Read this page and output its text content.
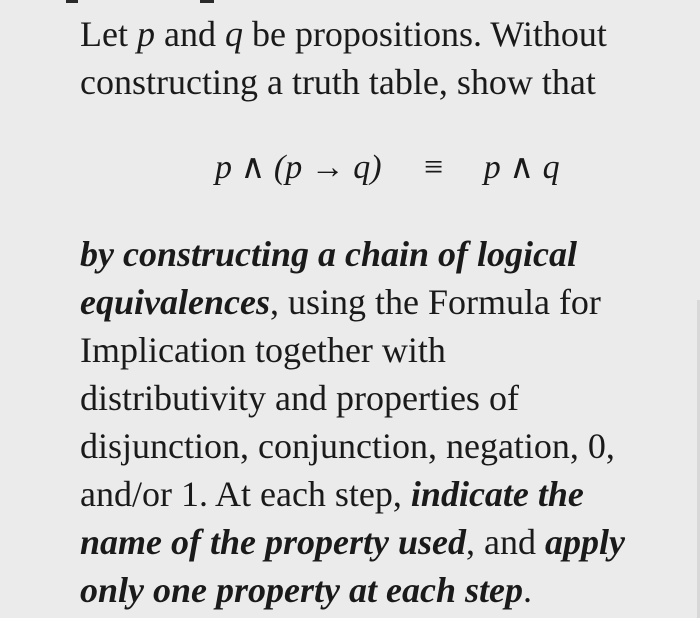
Let p and q be propositions. Without
constructing a truth table, show that
p ∧ (p → q) ≡ p ∧ q
by constructing a chain of logical
equivalences, using the Formula for
Implication together with
distributivity and properties of
disjunction, conjunction, negation, 0,
and/or 1. At each step, indicate the
name of the property used, and apply
only one property at each step.
